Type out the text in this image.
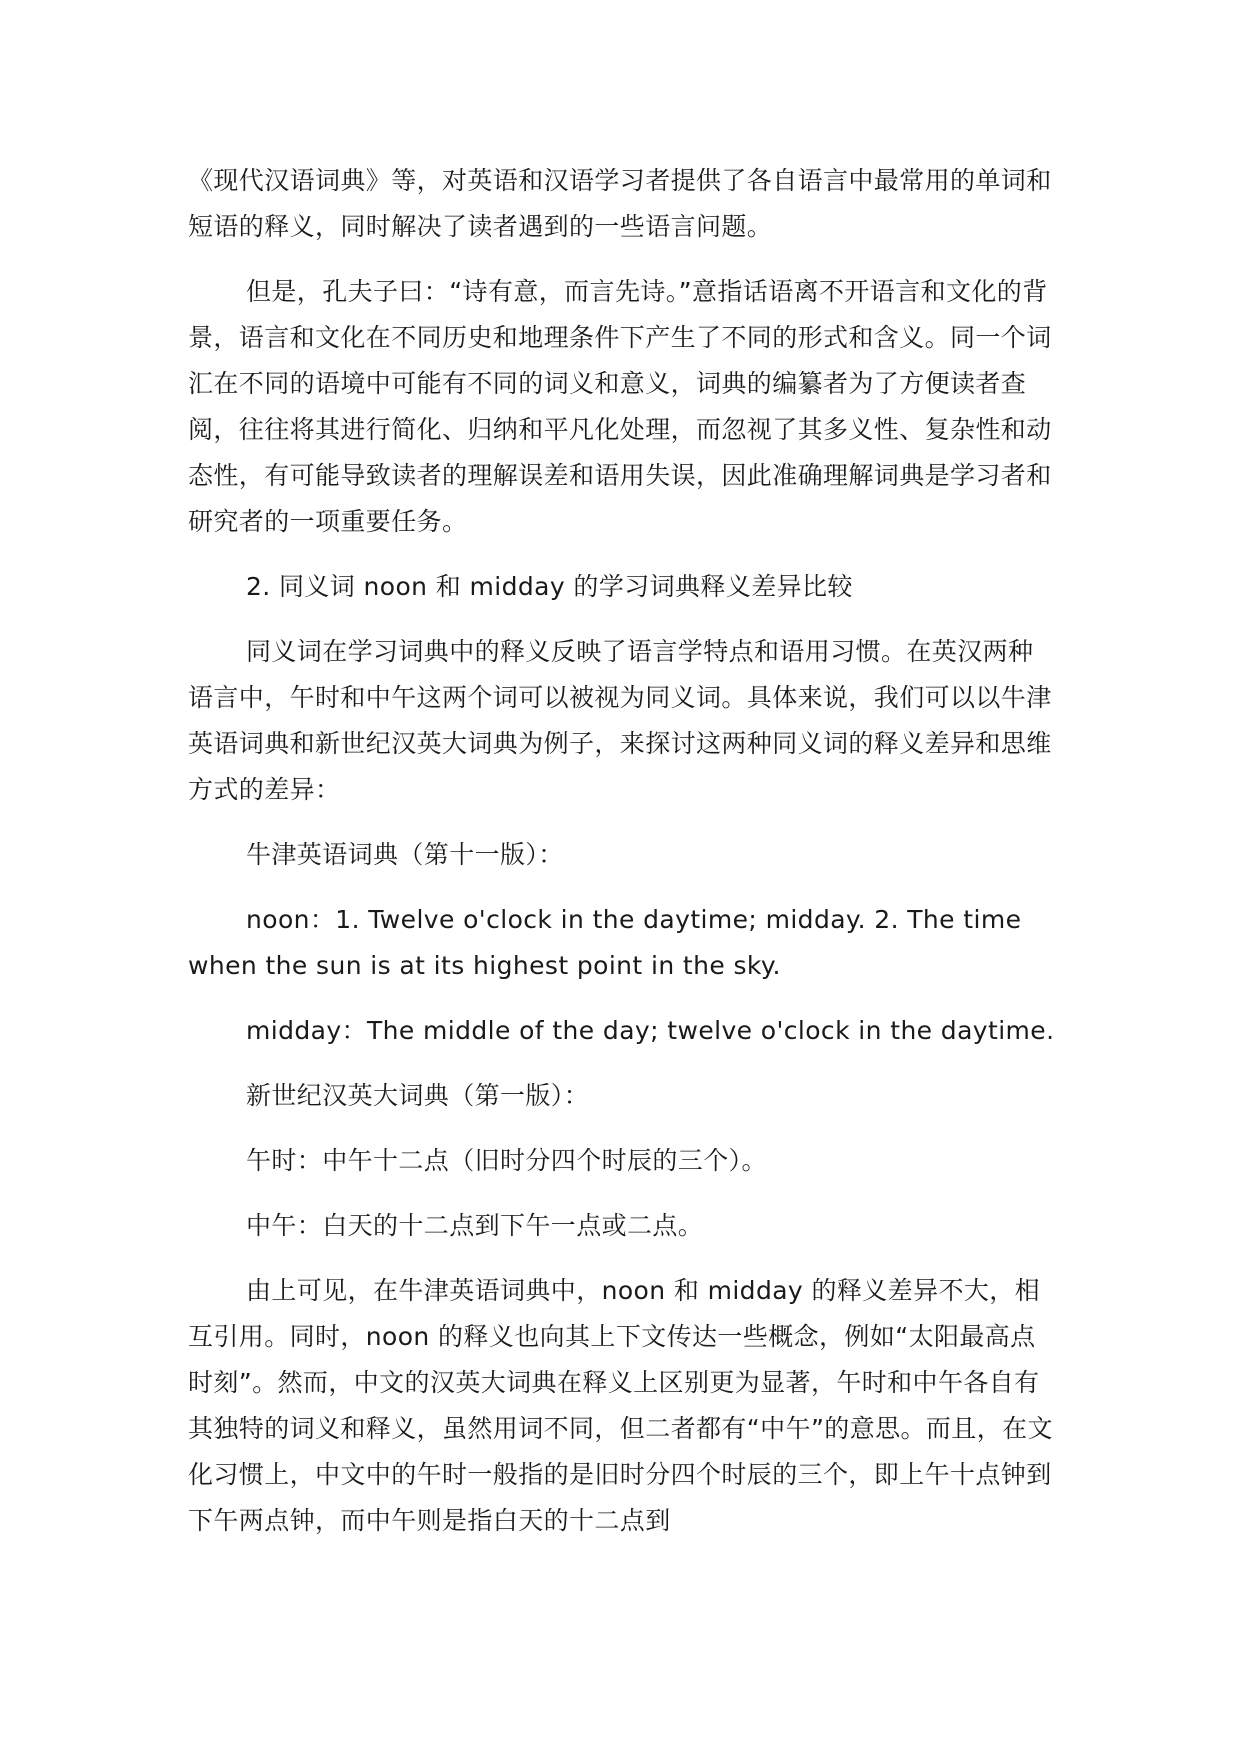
《现代汉语词典》等，对英语和汉语学习者提供了各自语言中最常用的单词和短语的释义，同时解决了读者遇到的一些语言问题。

但是，孔夫子曰：“诗有意，而言先诗。”意指话语离不开语言和文化的背景，语言和文化在不同历史和地理条件下产生了不同的形式和含义。同一个词汇在不同的语境中可能有不同的词义和意义，词典的编纂者为了方便读者查阅，往往将其进行简化、归纳和平凡化处理，而忽视了其多义性、复杂性和动态性，有可能导致读者的理解误差和语用失误，因此准确理解词典是学习者和研究者的一项重要任务。

2. 同义词 noon 和 midday 的学习词典释义差异比较

同义词在学习词典中的释义反映了语言学特点和语用习惯。在英汉两种语言中，午时和中午这两个词可以被视为同义词。具体来说，我们可以以牛津英语词典和新世纪汉英大词典为例子，来探讨这两种同义词的释义差异和思维方式的差异：

牛津英语词典（第十一版）：

noon：1. Twelve o'clock in the daytime; midday. 2. The time when the sun is at its highest point in the sky.

midday：The middle of the day; twelve o'clock in the daytime.

新世纪汉英大词典（第一版）：

午时：中午十二点（旧时分四个时辰的三个）。

中午：白天的十二点到下午一点或二点。

由上可见，在牛津英语词典中，noon 和 midday 的释义差异不大，相互引用。同时，noon 的释义也向其上下文传达一些概念，例如“太阳最高点时刻”。然而，中文的汉英大词典在释义上区别更为显著，午时和中午各自有其独特的词义和释义，虽然用词不同，但二者都有“中午”的意思。而且，在文化习惯上，中文中的午时一般指的是旧时分四个时辰的三个，即上午十点钟到下午两点钟，而中午则是指白天的十二点到
